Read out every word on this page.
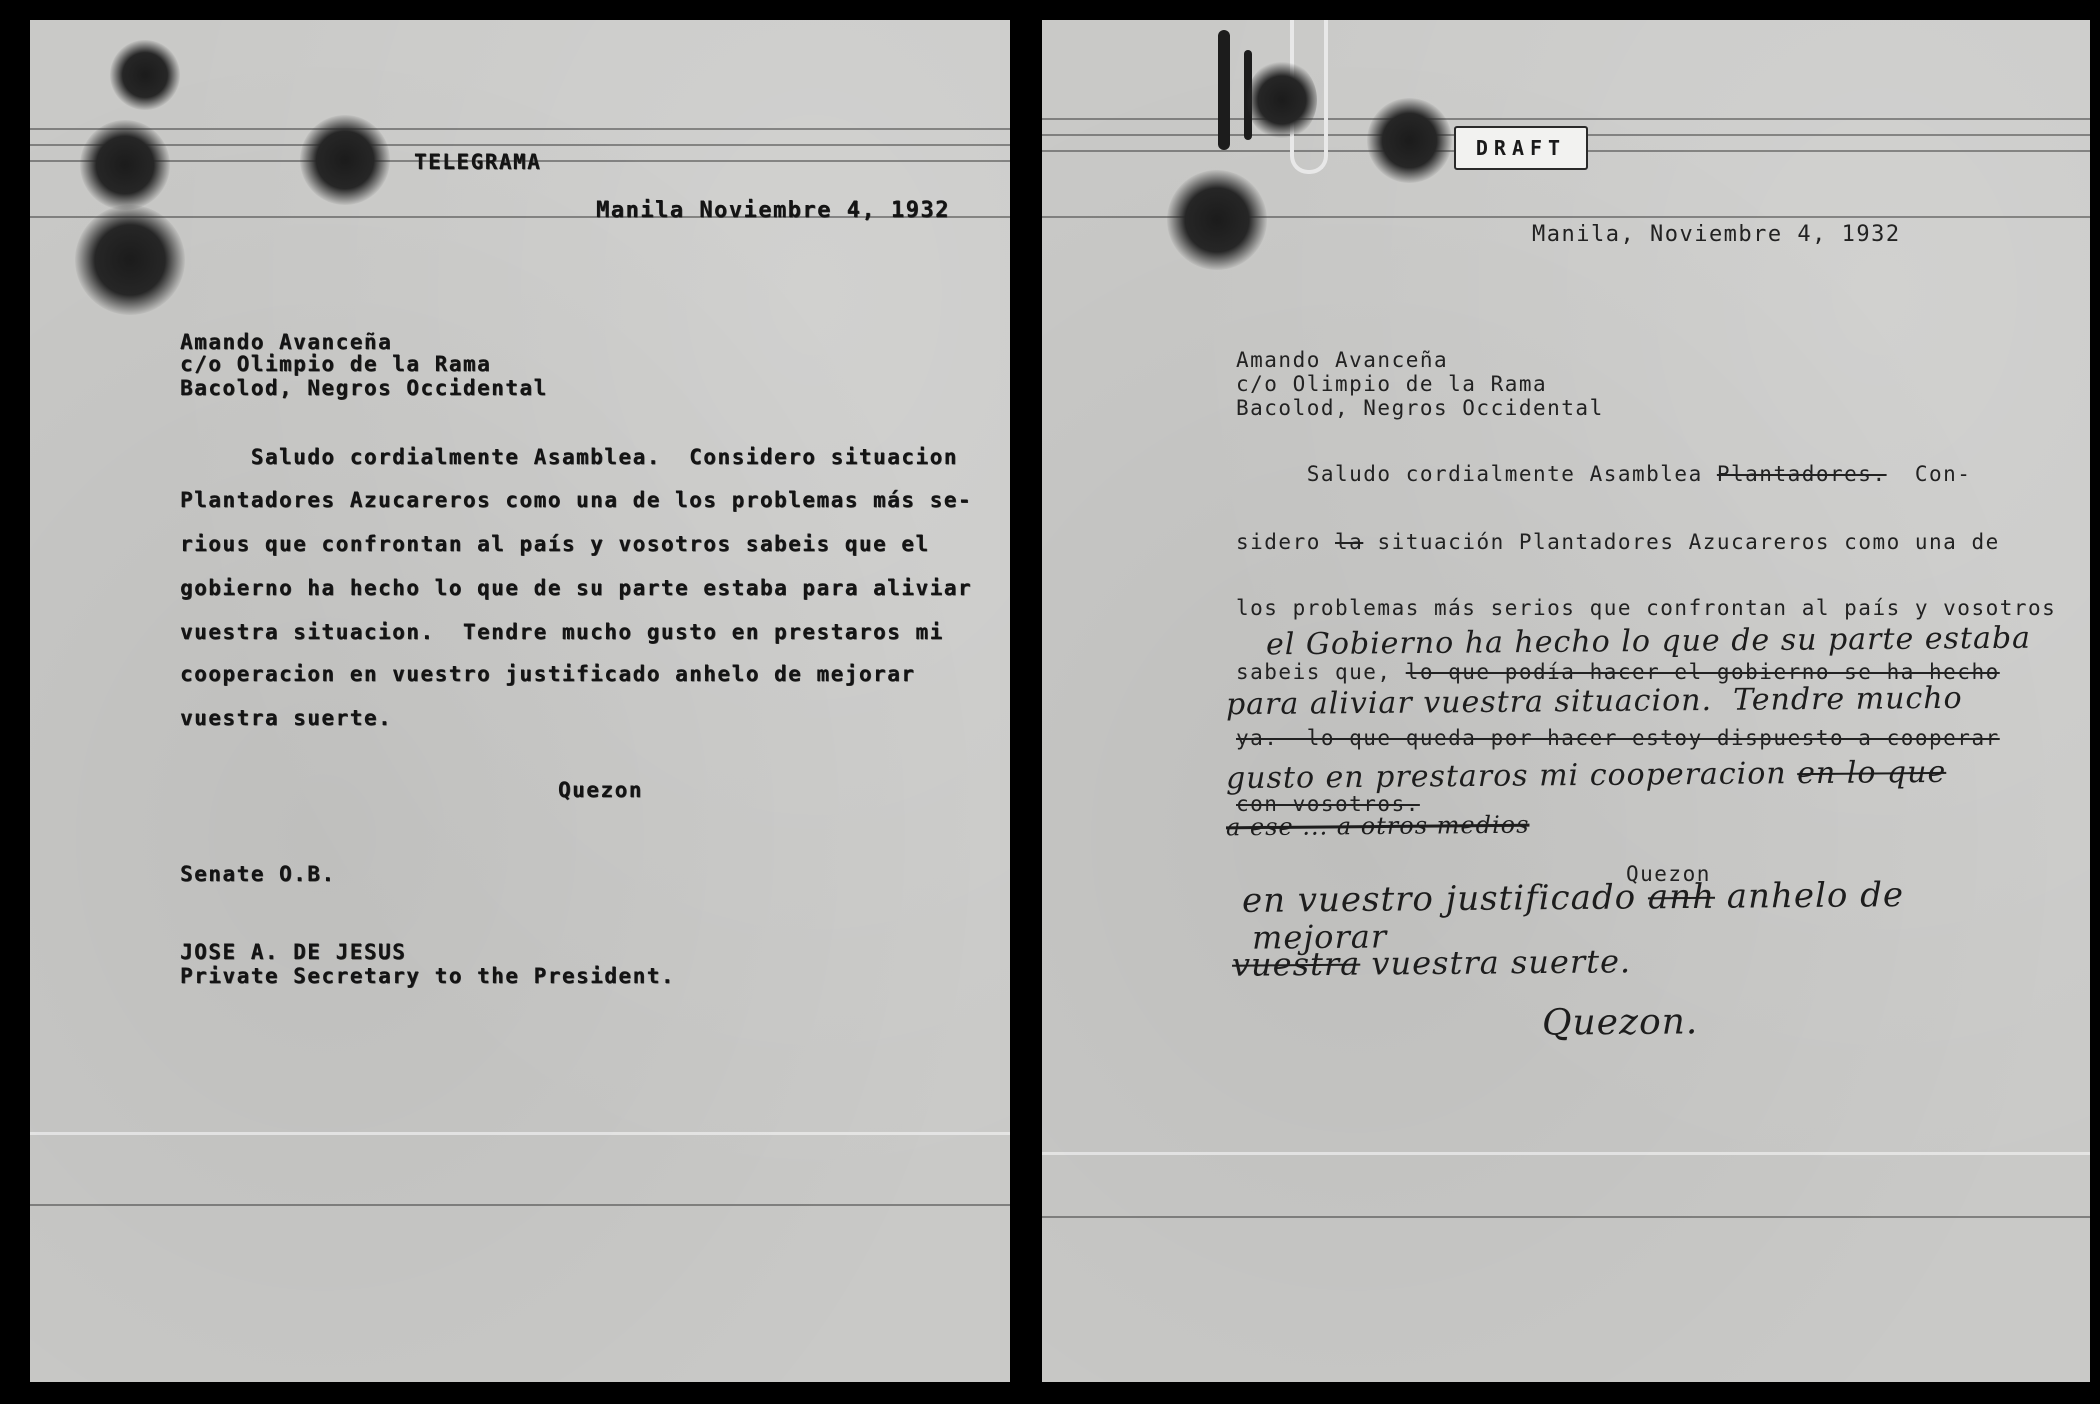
TELEGRAMA
Manila Noviembre 4, 1932
Amando Avanceña
c/o Olimpio de la Rama
Bacolod, Negros Occidental
Saludo cordialmente Asamblea.  Considero situacion
Plantadores Azucareros como una de los problemas más se-
rious que confrontan al país y vosotros sabeis que el
gobierno ha hecho lo que de su parte estaba para aliviar
vuestra situacion.  Tendre mucho gusto en prestaros mi
cooperacion en vuestro justificado anhelo de mejorar
vuestra suerte.
Quezon
Senate O.B.
JOSE A. DE JESUS
Private Secretary to the President.
DRAFT
Manila, Noviembre 4, 1932
Amando Avanceña
c/o Olimpio de la Rama
Bacolod, Negros Occidental
Saludo cordialmente Asamblea Plantadores.  Con-
sidero la situación Plantadores Azucareros como una de
los problemas más serios que confrontan al país y vosotros
el Gobierno ha hecho lo que de su parte estaba
sabeis que, lo que podía hacer el gobierno se ha hecho
para aliviar vuestra situacion.  Tendre mucho
ya.  lo que queda por hacer estoy dispuesto a cooperar
gusto en prestaros mi cooperacion en lo que
con vosotros.
a ese ... a otros medios
Quezon
en vuestro justificado anh anhelo de
mejorar
vuestra vuestra suerte.
Quezon.
